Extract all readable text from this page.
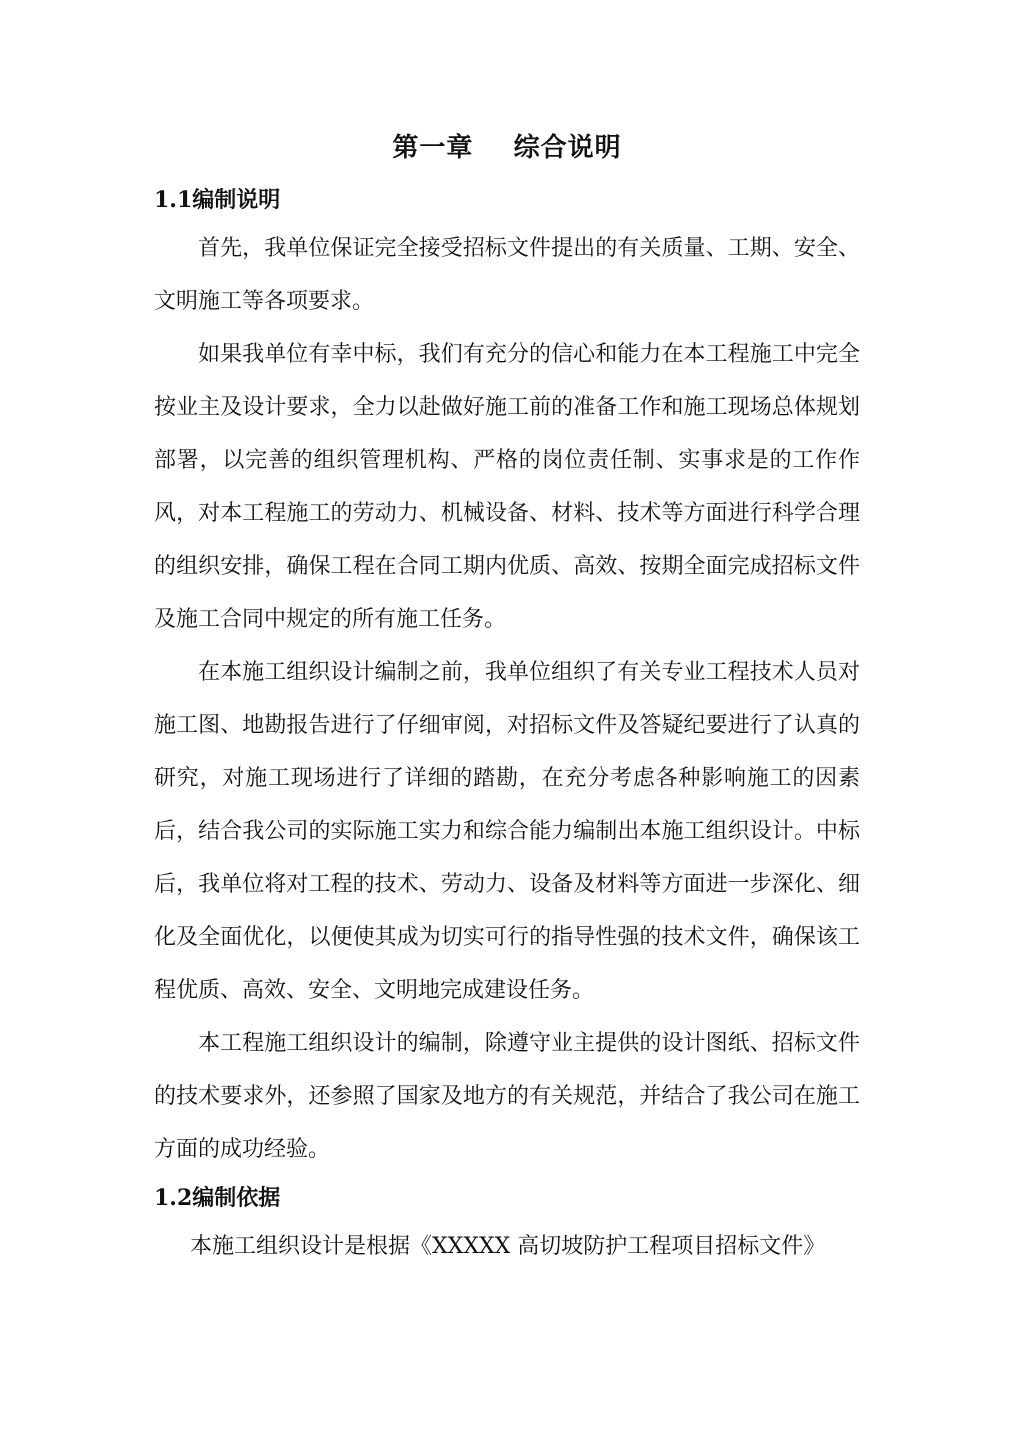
第一章    综合说明
1.1编制说明

首先，我单位保证完全接受招标文件提出的有关质量、工期、安全、文明施工等各项要求。

如果我单位有幸中标，我们有充分的信心和能力在本工程施工中完全按业主及设计要求，全力以赴做好施工前的准备工作和施工现场总体规划部署，以完善的组织管理机构、严格的岗位责任制、实事求是的工作作风，对本工程施工的劳动力、机械设备、材料、技术等方面进行科学合理的组织安排，确保工程在合同工期内优质、高效、按期全面完成招标文件及施工合同中规定的所有施工任务。

在本施工组织设计编制之前，我单位组织了有关专业工程技术人员对施工图、地勘报告进行了仔细审阅，对招标文件及答疑纪要进行了认真的研究，对施工现场进行了详细的踏勘，在充分考虑各种影响施工的因素后，结合我公司的实际施工实力和综合能力编制出本施工组织设计。中标后，我单位将对工程的技术、劳动力、设备及材料等方面进一步深化、细化及全面优化，以便使其成为切实可行的指导性强的技术文件，确保该工程优质、高效、安全、文明地完成建设任务。

本工程施工组织设计的编制，除遵守业主提供的设计图纸、招标文件的技术要求外，还参照了国家及地方的有关规范，并结合了我公司在施工方面的成功经验。

1.2编制依据

本施工组织设计是根据《XXXXX 高切坡防护工程项目招标文件》
